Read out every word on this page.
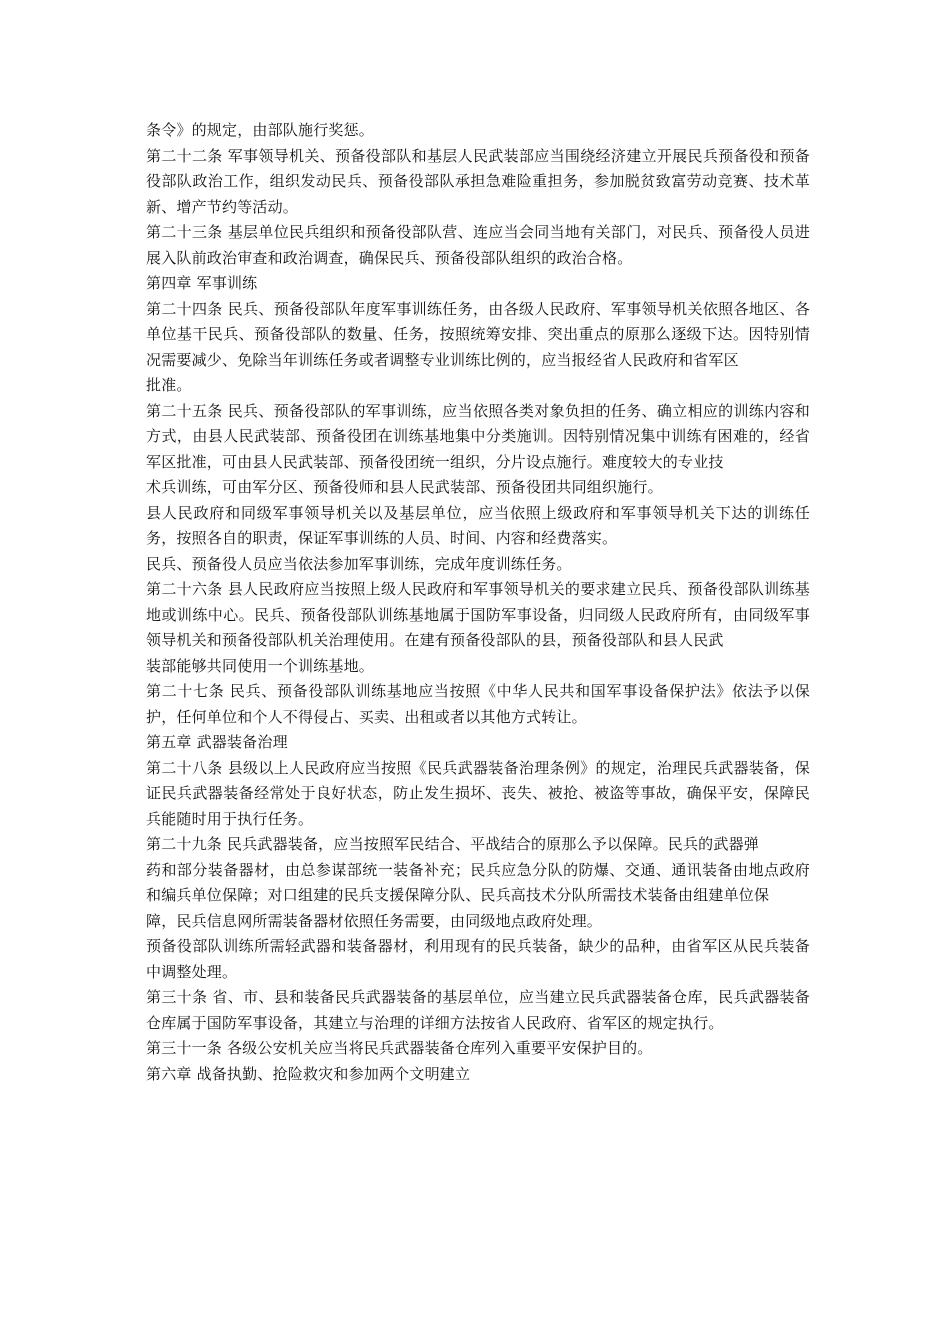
条令》的规定，由部队施行奖惩。

第二十二条 军事领导机关、预备役部队和基层人民武装部应当围绕经济建立开展民兵预备役和预备役部队政治工作，组织发动民兵、预备役部队承担急难险重担务，参加脱贫致富劳动竞赛、技术革新、增产节约等活动。

第二十三条 基层单位民兵组织和预备役部队营、连应当会同当地有关部门，对民兵、预备役人员进展入队前政治审查和政治调查，确保民兵、预备役部队组织的政治合格。

第四章 军事训练

第二十四条 民兵、预备役部队年度军事训练任务，由各级人民政府、军事领导机关依照各地区、各单位基干民兵、预备役部队的数量、任务，按照统筹安排、突出重点的原那么逐级下达。因特别情况需要减少、免除当年训练任务或者调整专业训练比例的，应当报经省人民政府和省军区

批准。

第二十五条 民兵、预备役部队的军事训练，应当依照各类对象负担的任务、确立相应的训练内容和方式，由县人民武装部、预备役团在训练基地集中分类施训。因特别情况集中训练有困难的，经省军区批准，可由县人民武装部、预备役团统一组织，分片设点施行。难度较大的专业技

术兵训练，可由军分区、预备役师和县人民武装部、预备役团共同组织施行。

县人民政府和同级军事领导机关以及基层单位，应当依照上级政府和军事领导机关下达的训练任务，按照各自的职责，保证军事训练的人员、时间、内容和经费落实。

民兵、预备役人员应当依法参加军事训练，完成年度训练任务。

第二十六条 县人民政府应当按照上级人民政府和军事领导机关的要求建立民兵、预备役部队训练基地或训练中心。民兵、预备役部队训练基地属于国防军事设备，归同级人民政府所有，由同级军事领导机关和预备役部队机关治理使用。在建有预备役部队的县，预备役部队和县人民武

装部能够共同使用一个训练基地。

第二十七条 民兵、预备役部队训练基地应当按照《中华人民共和国军事设备保护法》依法予以保护，任何单位和个人不得侵占、买卖、出租或者以其他方式转让。

第五章 武器装备治理

第二十八条 县级以上人民政府应当按照《民兵武器装备治理条例》的规定，治理民兵武器装备，保证民兵武器装备经常处于良好状态，防止发生损坏、丧失、被抢、被盗等事故，确保平安，保障民兵能随时用于执行任务。

第二十九条 民兵武器装备，应当按照军民结合、平战结合的原那么予以保障。民兵的武器弹

药和部分装备器材，由总参谋部统一装备补充；民兵应急分队的防爆、交通、通讯装备由地点政府和编兵单位保障；对口组建的民兵支援保障分队、民兵高技术分队所需技术装备由组建单位保

障，民兵信息网所需装备器材依照任务需要，由同级地点政府处理。

预备役部队训练所需轻武器和装备器材，利用现有的民兵装备，缺少的品种，由省军区从民兵装备中调整处理。

第三十条 省、市、县和装备民兵武器装备的基层单位，应当建立民兵武器装备仓库，民兵武器装备仓库属于国防军事设备，其建立与治理的详细方法按省人民政府、省军区的规定执行。

第三十一条 各级公安机关应当将民兵武器装备仓库列入重要平安保护目的。

第六章 战备执勤、抢险救灾和参加两个文明建立
